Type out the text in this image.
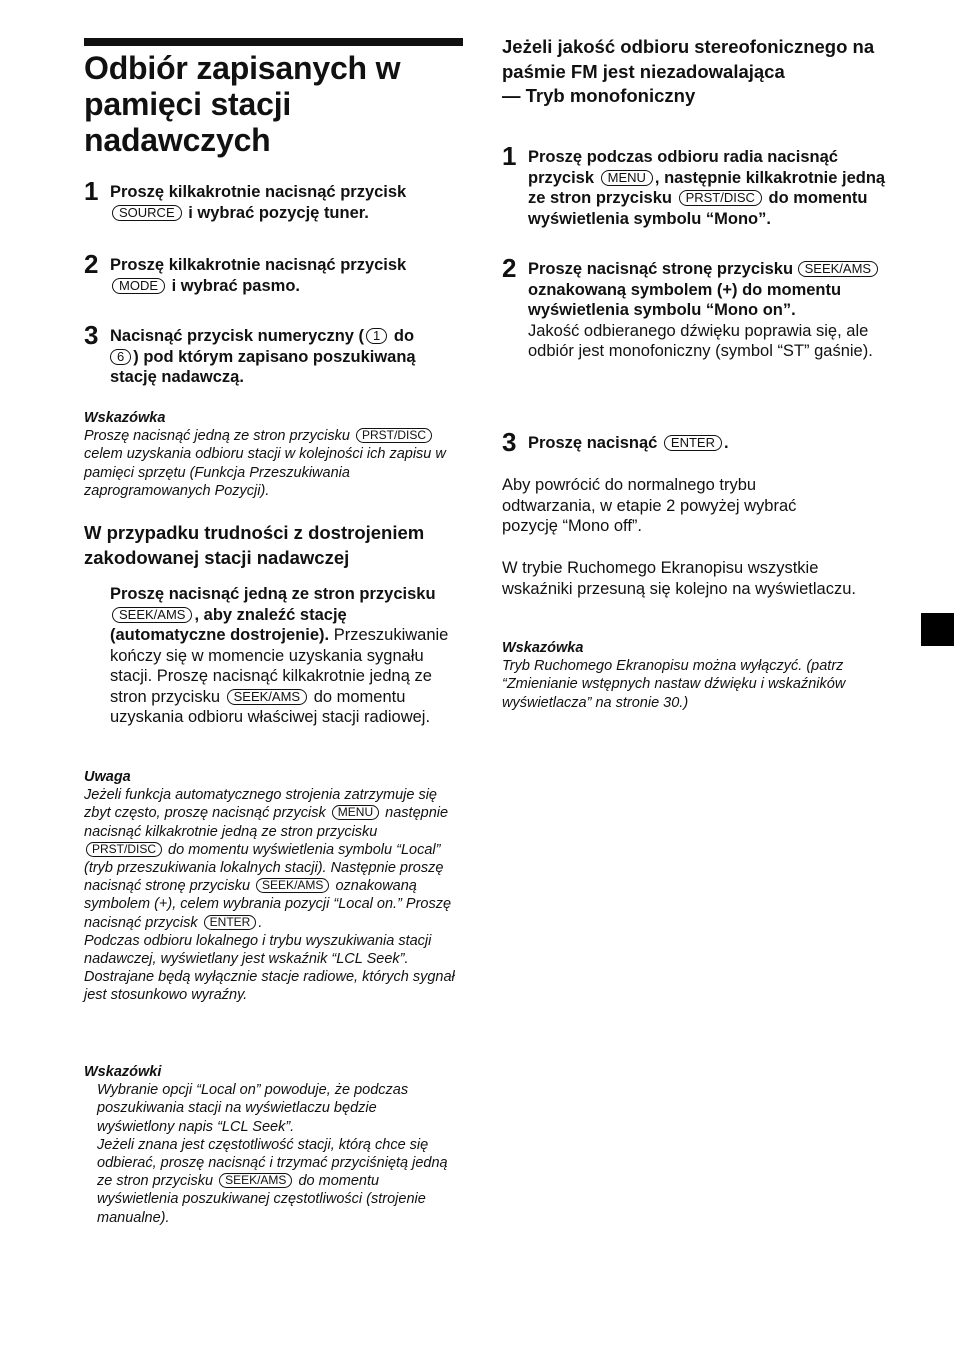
Odbiór zapisanych w pamięci stacji nadawczych
1 Proszę kilkakrotnie nacisnąć przycisk SOURCE i wybrać pozycję tuner.
2 Proszę kilkakrotnie nacisnąć przycisk MODE i wybrać pasmo.
3 Nacisnąć przycisk numeryczny ( 1 do
6 ) pod którym zapisano poszukiwaną stację nadawczą.
Wskazówka
Proszę nacisnąć jedną ze stron przycisku PRST/DISC celem uzyskania odbioru stacji w kolejności ich zapisu w pamięci sprzętu (Funkcja Przeszukiwania zaprogramowanych Pozycji).
W przypadku trudności z dostrojeniem zakodowanej stacji nadawczej
Proszę nacisnąć jedną ze stron przycisku SEEK/AMS , aby znaleźć stację (automatyczne dostrojenie). Przeszukiwanie kończy się w momencie uzyskania sygnału stacji. Proszę nacisnąć kilkakrotnie jedną ze stron przycisku SEEK/AMS do momentu uzyskania odbioru właściwej stacji radiowej.
Uwaga
Jeżeli funkcja automatycznego strojenia zatrzymuje się zbyt często, proszę nacisnąć przycisk MENU następnie nacisnąć kilkakrotnie jedną ze stron przycisku PRST/DISC do momentu wyświetlenia symbolu “Local” (tryb przeszukiwania lokalnych stacji). Następnie proszę nacisnąć stronę przycisku SEEK/AMS oznakowaną symbolem (+), celem wybrania pozycji “Local on.” Proszę nacisnąć przycisk ENTER .
Podczas odbioru lokalnego i trybu wyszukiwania stacji nadawczej, wyświetlany jest wskaźnik “LCL Seek”.
Dostrajane będą wyłącznie stacje radiowe, których sygnał jest stosunkowo wyraźny.
Wskazówki
Wybranie opcji “Local on” powoduje, że podczas poszukiwania stacji na wyświetlaczu będzie wyświetlony napis “LCL Seek”.
Jeżeli znana jest częstotliwość stacji, którą chce się odbierać, proszę nacisnąć i trzymać przyciśniętą jedną ze stron przycisku SEEK/AMS do momentu wyświetlenia poszukiwanej częstotliwości (strojenie manualne).
Jeżeli jakość odbioru stereofonicznego na paśmie FM jest niezadowalająca
— Tryb monofoniczny
1 Proszę podczas odbioru radia nacisnąć przycisk MENU , następnie kilkakrotnie jedną ze stron przycisku PRST/DISC do momentu wyświetlenia symbolu “Mono”.
2 Proszę nacisnąć stronę przycisku SEEK/AMS oznakowaną symbolem (+) do momentu wyświetlenia symbolu “Mono on”.
Jakość odbieranego dźwięku poprawia się, ale odbiór jest monofoniczny (symbol “ST” gaśnie).
3 Proszę nacisnąć ENTER .
Aby powrócić do normalnego trybu odtwarzania, w etapie 2 powyżej wybrać pozycję “Mono off”.
W trybie Ruchomego Ekranopisu wszystkie wskaźniki przesuną się kolejno na wyświetlaczu.
Wskazówka
Tryb Ruchomego Ekranopisu można wyłączyć. (patrz “Zmienianie wstępnych nastaw dźwięku i wskaźników wyświetlacza” na stronie 30.)
